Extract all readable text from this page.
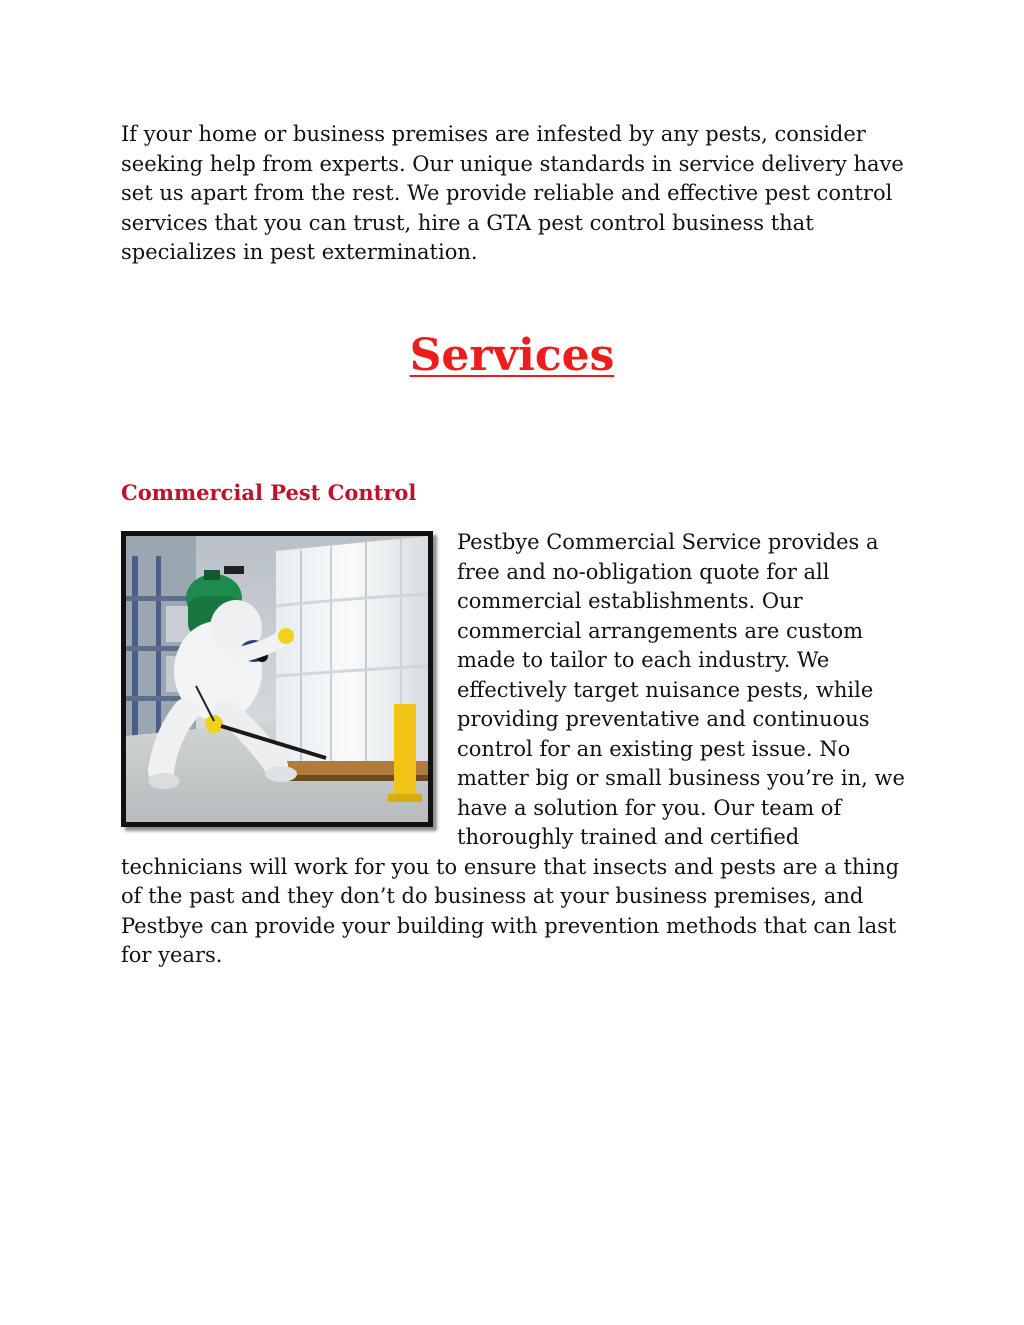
If your home or business premises are infested by any pests, consider seeking help from experts. Our unique standards in service delivery have set us apart from the rest. We provide reliable and effective pest control services that you can trust, hire a GTA pest control business that specializes in pest extermination.

Services
Commercial Pest Control
Pestbye Commercial Service provides a free and no-obligation quote for all commercial establishments. Our commercial arrangements are custom made to tailor to each industry. We effectively target nuisance pests, while providing preventative and continuous control for an existing pest issue. No matter big or small business you’re in, we have a solution for you. Our team of thoroughly trained and certified technicians will work for you to ensure that insects and pests are a thing of the past and they don’t do business at your business premises, and Pestbye can provide your building with prevention methods that can last for years.
